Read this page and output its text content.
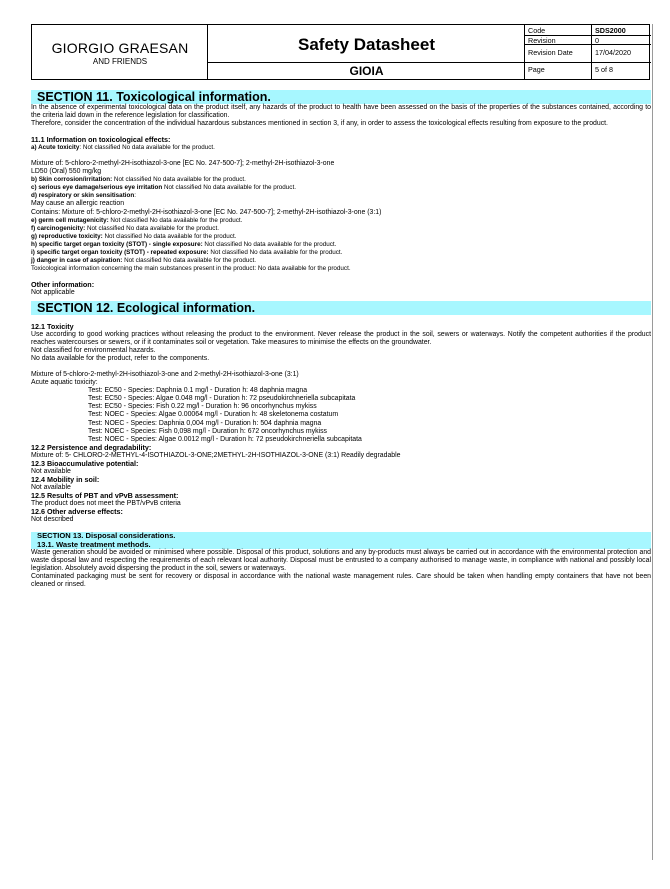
GIORGIO GRAESAN
AND FRIENDS
Safety Datasheet
GIOIA
Code	SDS2000
Revision	0
Revision Date	17/04/2020
Page	5 of 8
SECTION 11. Toxicological information.

In the absence of experimental toxicological data on the product itself, any hazards of the product to health have been assessed on the basis of the properties of the substances contained, according to the criteria laid down in the reference legislation for classification.

Therefore, consider the concentration of the individual hazardous substances mentioned in section 3, if any, in order to assess the toxicological effects resulting from exposure to the product.

11.1 Information on toxicological effects:
a) Acute toxicity: Not classified No data available for the product.
Mixture of: 5-chloro-2-methyl-2H-isothiazol-3-one [EC No. 247-500-7]; 2-methyl-2H-isothiazol-3-one
LD50 (Oral) 550 mg/kg
b) Skin corrosion/irritation: Not classified No data available for the product.
c) serious eye damage/serious eye irritation Not classified No data available for the product.
d) respiratory or skin sensitisation:
May cause an allergic reaction
Contains: Mixture of: 5-chloro-2-methyl-2H-isothiazol-3-one [EC No. 247-500-7]; 2-methyl-2H-isothiazol-3-one (3:1)
e) germ cell mutagenicity: Not classified No data available for the product.
f) carcinogenicity: Not classified No data available for the product.
g) reproductive toxicity: Not classified No data available for the product.
h) specific target organ toxicity (STOT) - single exposure: Not classified No data available for the product.
i) specific target organ toxicity (STOT) - repeated exposure: Not classified No data available for the product.
j) danger in case of aspiration: Not classified No data available for the product.
Toxicological information concerning the main substances present in the product: No data available for the product.
Other information:
Not applicable
SECTION 12. Ecological information.
12.1 Toxicity

Use according to good working practices without releasing the product to the environment. Never release the product in the soil, sewers or waterways. Notify the competent authorities if the product reaches watercourses or sewers, or if it contaminates soil or vegetation. Take measures to minimise the effects on the groundwater.

Not classified for environmental hazards.
No data available for the product, refer to the components.
Mixture of 5-chloro-2-methyl-2H-isothiazol-3-one and 2-methyl-2H-isothiazol-3-one (3:1)
Acute aquatic toxicity:
Test: EC50 - Species: Daphnia 0.1 mg/l - Duration h: 48 daphnia magna
Test: EC50 - Species: Algae 0.048 mg/l - Duration h: 72 pseudokirchneriella subcapitata
Test: EC50 - Species: Fish 0.22 mg/l - Duration h: 96 oncorhynchus mykiss
Test: NOEC - Species: Algae 0.00064 mg/l - Duration h: 48 skeletonema costatum
Test: NOEC - Species: Daphnia 0,004 mg/l - Duration h: 504 daphnia magna
Test: NOEC - Species: Fish 0,098 mg/l - Duration h: 672 oncorhynchus mykiss
Test: NOEC - Species: Algae 0.0012 mg/l - Duration h: 72 pseudokirchneriella subcapitata
12.2 Persistence and degradability:
Mixture of: 5- CHLORO-2-METHYL-4-ISOTHIAZOL-3-ONE;2METHYL-2H-ISOTHIAZOL-3-ONE (3:1) Readily degradable
12.3 Bioaccumulative potential:
Not available
12.4 Mobility in soil:
Not available
12.5 Results of PBT and vPvB assessment:
The product does not meet the PBT/vPvB criteria
12.6 Other adverse effects:
Not described
SECTION 13. Disposal considerations.
13.1. Waste treatment methods.

Waste generation should be avoided or minimised where possible. Disposal of this product, solutions and any by-products must always be carried out in accordance with the environmental protection and waste disposal law and respecting the requirements of each relevant local authority. Disposal must be entrusted to a company authorised to manage waste, in compliance with national and possibly local legislation. Absolutely avoid dispersing the product in the soil, sewers or waterways.

Contaminated packaging must be sent for recovery or disposal in accordance with the national waste management rules. Care should be taken when handling empty containers that have not been cleaned or rinsed.
